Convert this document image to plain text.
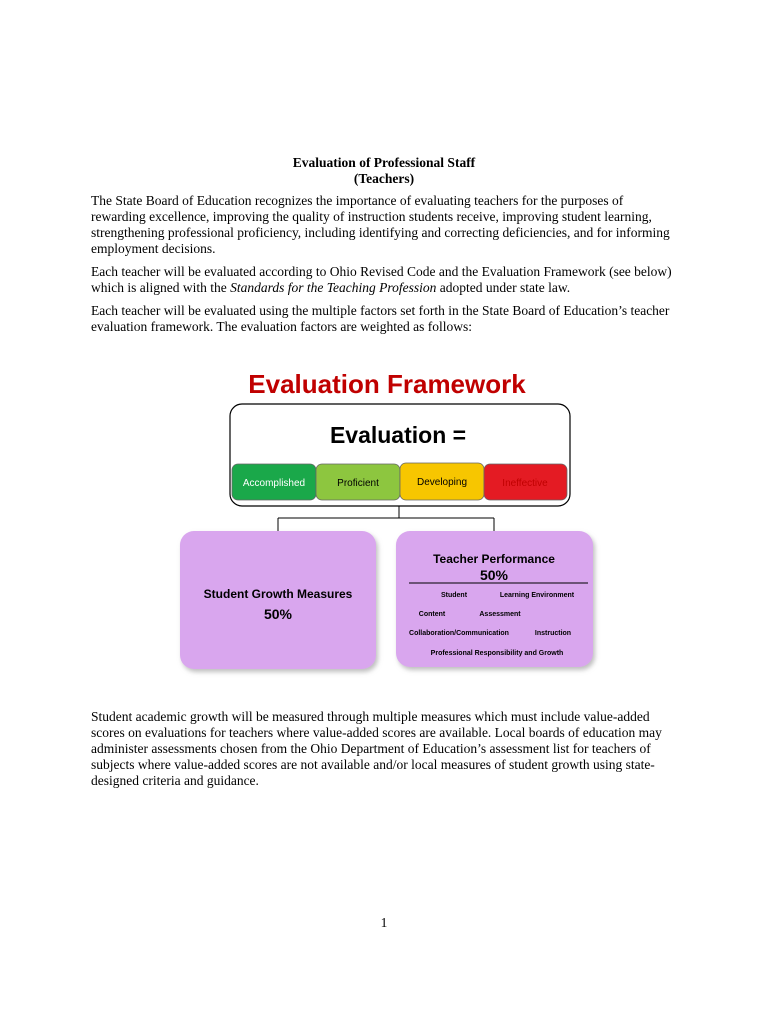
Evaluation of Professional Staff
(Teachers)

The State Board of Education recognizes the importance of evaluating teachers for the purposes of rewarding excellence, improving the quality of instruction students receive, improving student learning, strengthening professional proficiency, including identifying and correcting deficiencies, and for informing employment decisions.

Each teacher will be evaluated according to Ohio Revised Code and the Evaluation Framework (see below) which is aligned with the Standards for the Teaching Profession adopted under state law.

Each teacher will be evaluated using the multiple factors set forth in the State Board of Education’s teacher evaluation framework. The evaluation factors are weighted as follows:

Evaluation Framework
Evaluation =
Accomplished	Proficient	Developing	Ineffective
Student Growth Measures
50%
Teacher Performance
50%
Student	Learning Environment
Content	Assessment
Collaboration/Communication	Instruction
Professional Responsibility and Growth

Student academic growth will be measured through multiple measures which must include value-added scores on evaluations for teachers where value-added scores are available. Local boards of education may administer assessments chosen from the Ohio Department of Education’s assessment list for teachers of subjects where value-added scores are not available and/or local measures of student growth using state-designed criteria and guidance.

1
